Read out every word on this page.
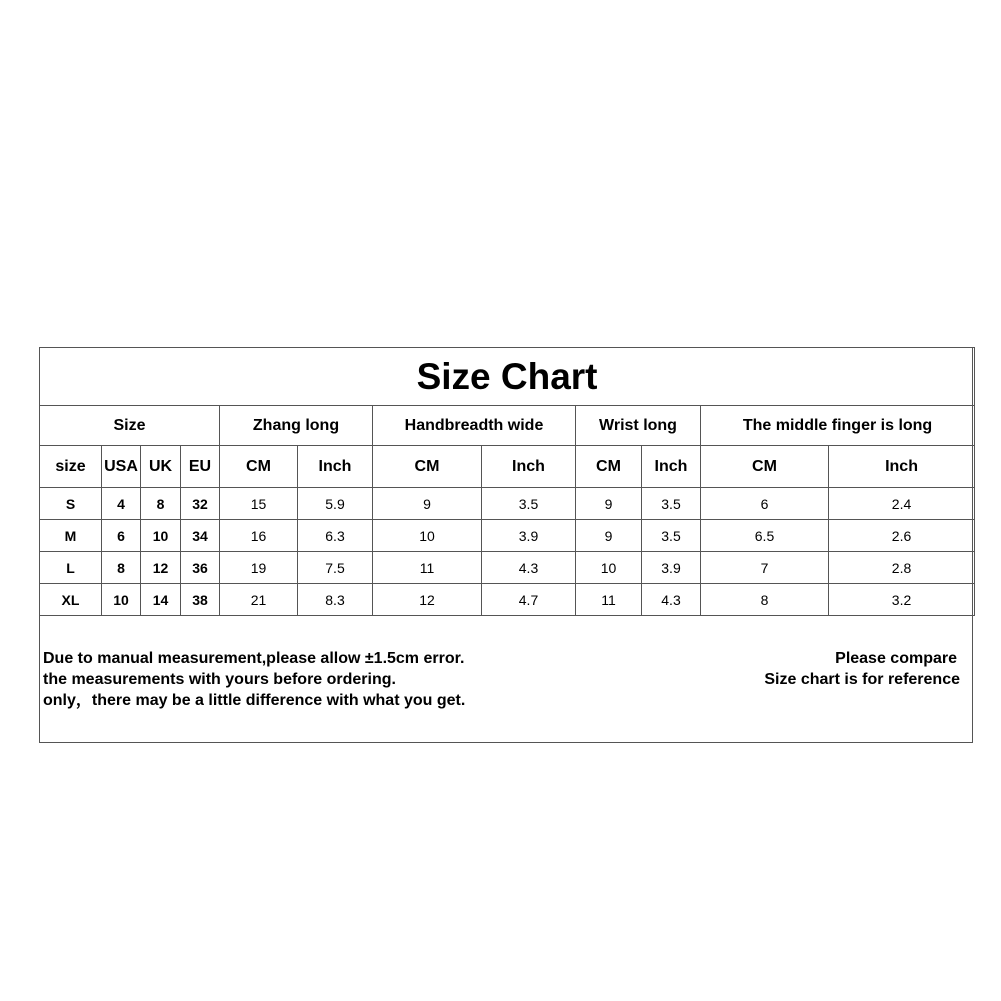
Size Chart											
Size				Zhang long		Handbreadth wide		Wrist long		The middle finger is long	
size	USA	UK	EU	CM	Inch	CM	Inch	CM	Inch	CM	Inch
S	4	8	32	15	5.9	9	3.5	9	3.5	6	2.4
M	6	10	34	16	6.3	10	3.9	9	3.5	6.5	2.6
L	8	12	36	19	7.5	11	4.3	10	3.9	7	2.8
XL	10	14	38	21	8.3	12	4.7	11	4.3	8	3.2
Due to manual measurement,please allow ±1.5cm error.	Please compare
the measurements with yours before ordering.	Size chart is for reference
only，there may be a little difference with what you get.
